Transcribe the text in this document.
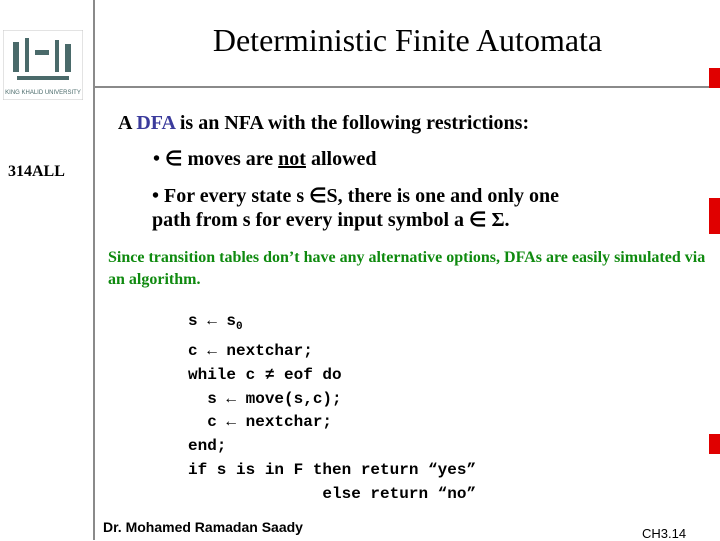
KING KHALID UNIVERSITY
314ALL
Deterministic Finite Automata
A DFA is an NFA with the following restrictions:
• ∈ moves are not allowed
• For every state s ∈S, there is one and only one
path from s for every input symbol a ∈ Σ.
Since transition tables don’t have any alternative options, DFAs are easily simulated via an algorithm.
s ← $s_0$
c ← nextchar;
while c ≠ eof do
s ← move(s,c);
c ← nextchar;
end;
if s is in F then return “yes”
else return “no”
Dr. Mohamed Ramadan Saady	CH3.14
